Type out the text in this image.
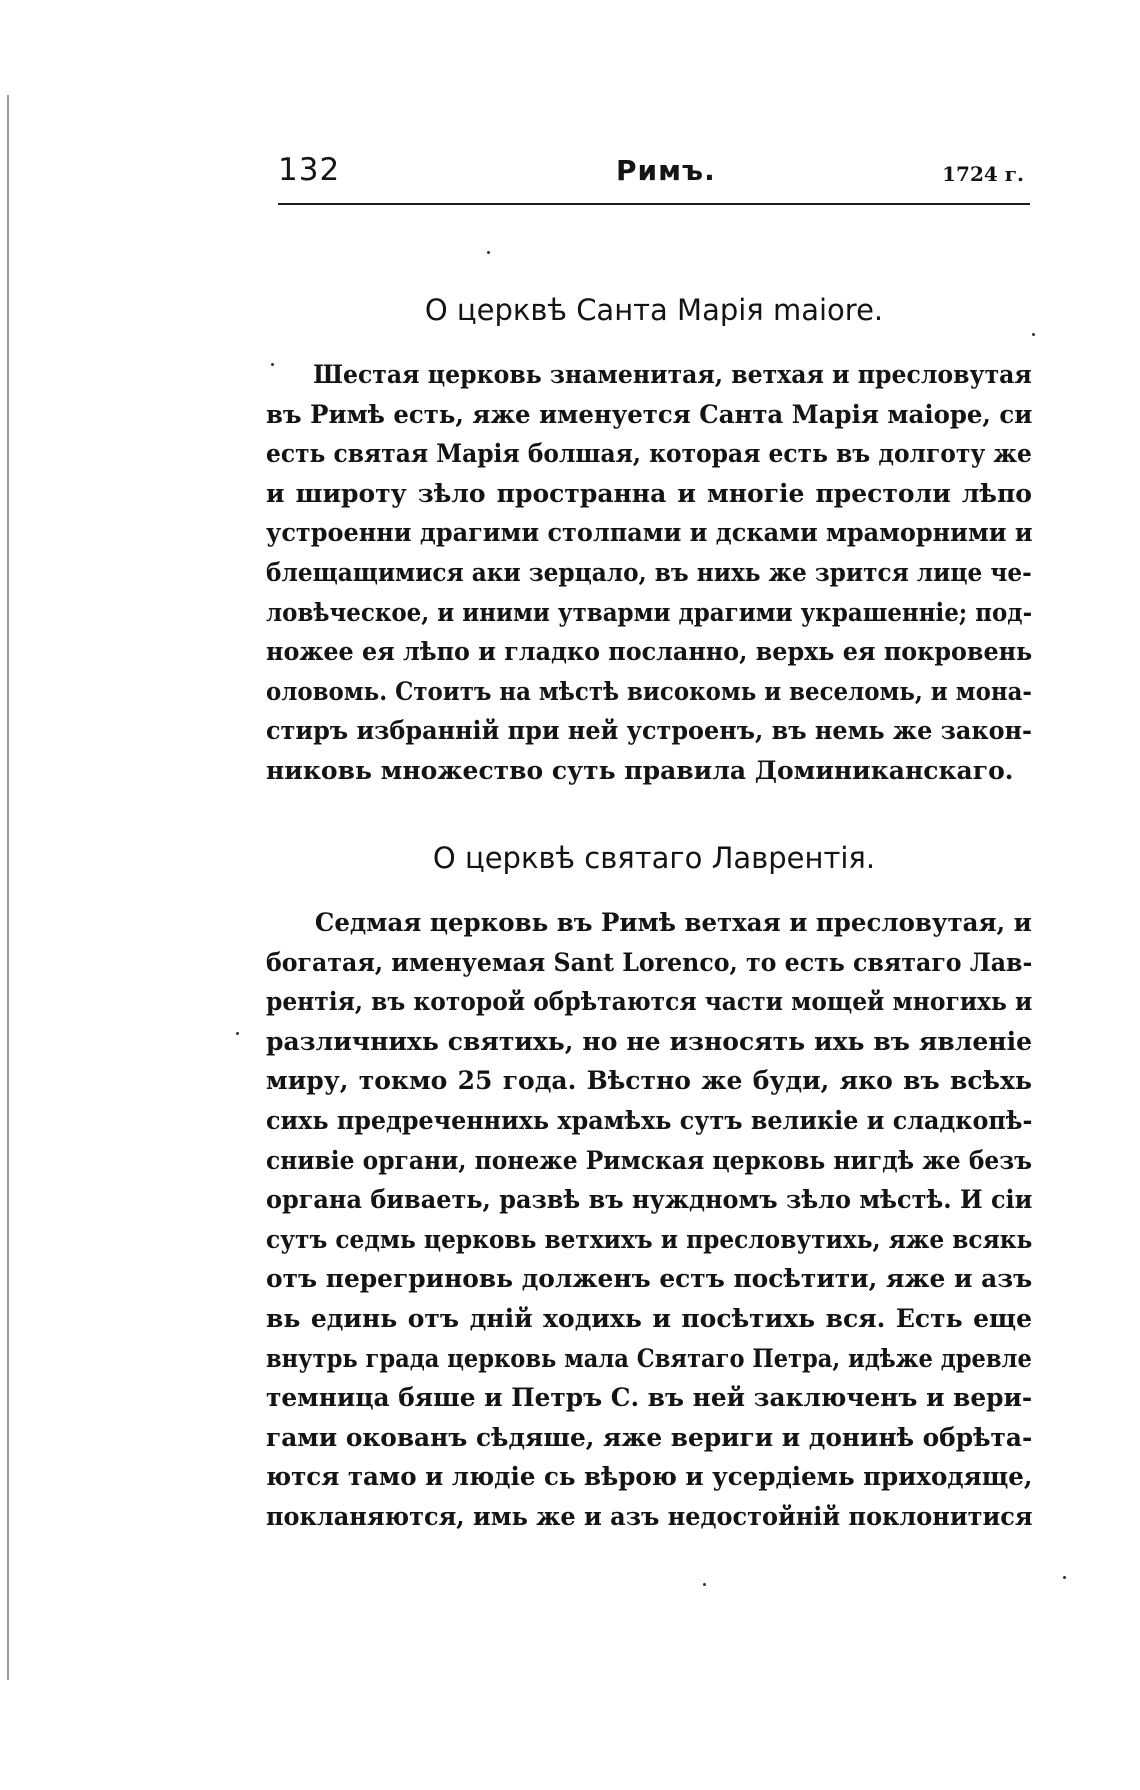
132	Римъ.	1724 г.
О церквѣ Санта Марія maiore.
Шестая церковь знаменитая, ветхая и пресловутая
въ Римѣ есть, яже именуется Санта Марія маіоре, си
есть святая Марія болшая, которая есть въ долготу же
и широту зѣло пространна и многіе престоли лѣпо
устроенни драгими столпами и дсками мраморними и
блещащимися аки зерцало, въ нихь же зрится лице че-
ловѣческое, и иними утварми драгими украшенніе; под-
ножее ея лѣпо и гладко посланно, верхь ея покровень
оловомь. Стоитъ на мѣстѣ високомь и веселомь, и мона-
стиръ избранній при ней устроенъ, въ немь же закон-
никовь множество суть правила Доминиканскаго.
О церквѣ святаго Лаврентія.
Седмая церковь въ Римѣ ветхая и пресловутая, и
богатая, именуемая Sant Lorenco, то есть святаго Лав-
рентія, въ которой обрѣтаются части мощей многихь и
различнихь святихь, но не износять ихь въ явленіе
миру, токмо 25 года. Вѣстно же буди, яко въ всѣхь
сихь предреченнихь храмѣхь сутъ великіе и сладкопѣ-
снивіе органи, понеже Римская церковь нигдѣ же безъ
органа биваеть, развѣ въ нуждномъ зѣло мѣстѣ. И сіи
сутъ седмь церковь ветхихъ и пресловутихь, яже всякь
отъ перегриновь долженъ естъ посѣтити, яже и азъ
вь единь отъ дній ходихь и посѣтихь вся. Есть еще
внутрь града церковь мала Святаго Петра, идѣже древле
темница бяше и Петръ С. въ ней заключенъ и вери-
гами окованъ сѣдяше, яже вериги и донинѣ обрѣта-
ются тамо и людіе сь вѣрою и усердіемь приходяще,
покланяются, имь же и азъ недостойній поклонитися
